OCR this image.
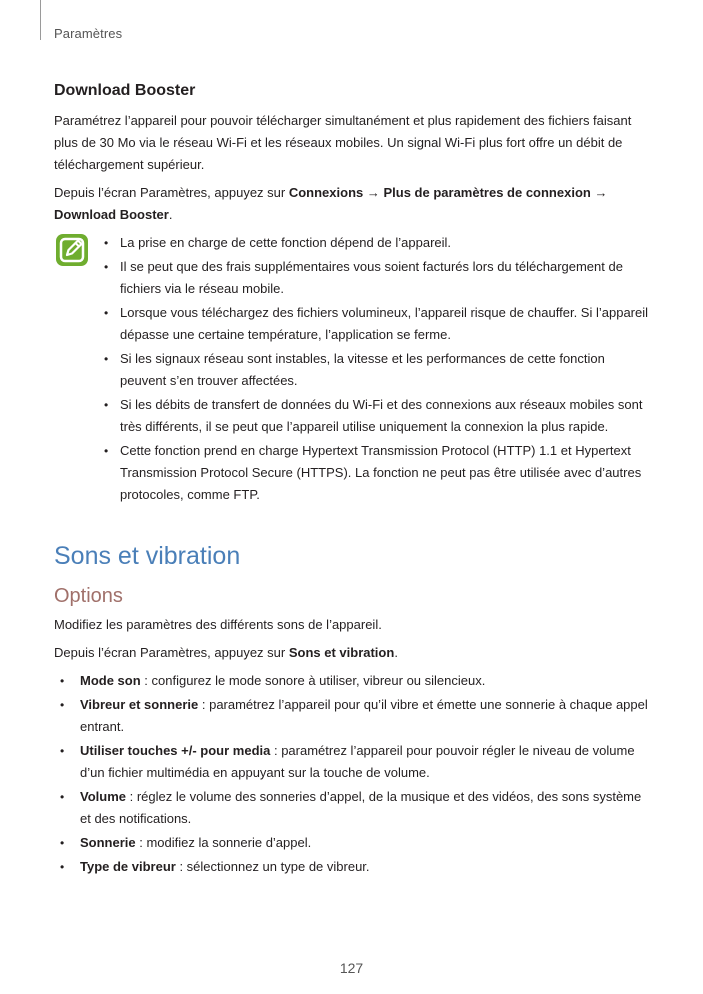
Paramètres
Download Booster

Paramétrez l’appareil pour pouvoir télécharger simultanément et plus rapidement des fichiers faisant plus de 30 Mo via le réseau Wi-Fi et les réseaux mobiles. Un signal Wi-Fi plus fort offre un débit de téléchargement supérieur.

Depuis l’écran Paramètres, appuyez sur Connexions → Plus de paramètres de connexion → Download Booster.

• La prise en charge de cette fonction dépend de l’appareil.
• Il se peut que des frais supplémentaires vous soient facturés lors du téléchargement de fichiers via le réseau mobile.
• Lorsque vous téléchargez des fichiers volumineux, l’appareil risque de chauffer. Si l’appareil dépasse une certaine température, l’application se ferme.
• Si les signaux réseau sont instables, la vitesse et les performances de cette fonction peuvent s’en trouver affectées.
• Si les débits de transfert de données du Wi-Fi et des connexions aux réseaux mobiles sont très différents, il se peut que l’appareil utilise uniquement la connexion la plus rapide.
• Cette fonction prend en charge Hypertext Transmission Protocol (HTTP) 1.1 et Hypertext Transmission Protocol Secure (HTTPS). La fonction ne peut pas être utilisée avec d’autres protocoles, comme FTP.
Sons et vibration
Options

Modifiez les paramètres des différents sons de l’appareil.

Depuis l’écran Paramètres, appuyez sur Sons et vibration.

• Mode son : configurez le mode sonore à utiliser, vibreur ou silencieux.
• Vibreur et sonnerie : paramétrez l’appareil pour qu’il vibre et émette une sonnerie à chaque appel entrant.
• Utiliser touches +/- pour media : paramétrez l’appareil pour pouvoir régler le niveau de volume d’un fichier multimédia en appuyant sur la touche de volume.
• Volume : réglez le volume des sonneries d’appel, de la musique et des vidéos, des sons système et des notifications.
• Sonnerie : modifiez la sonnerie d’appel.
• Type de vibreur : sélectionnez un type de vibreur.
127
